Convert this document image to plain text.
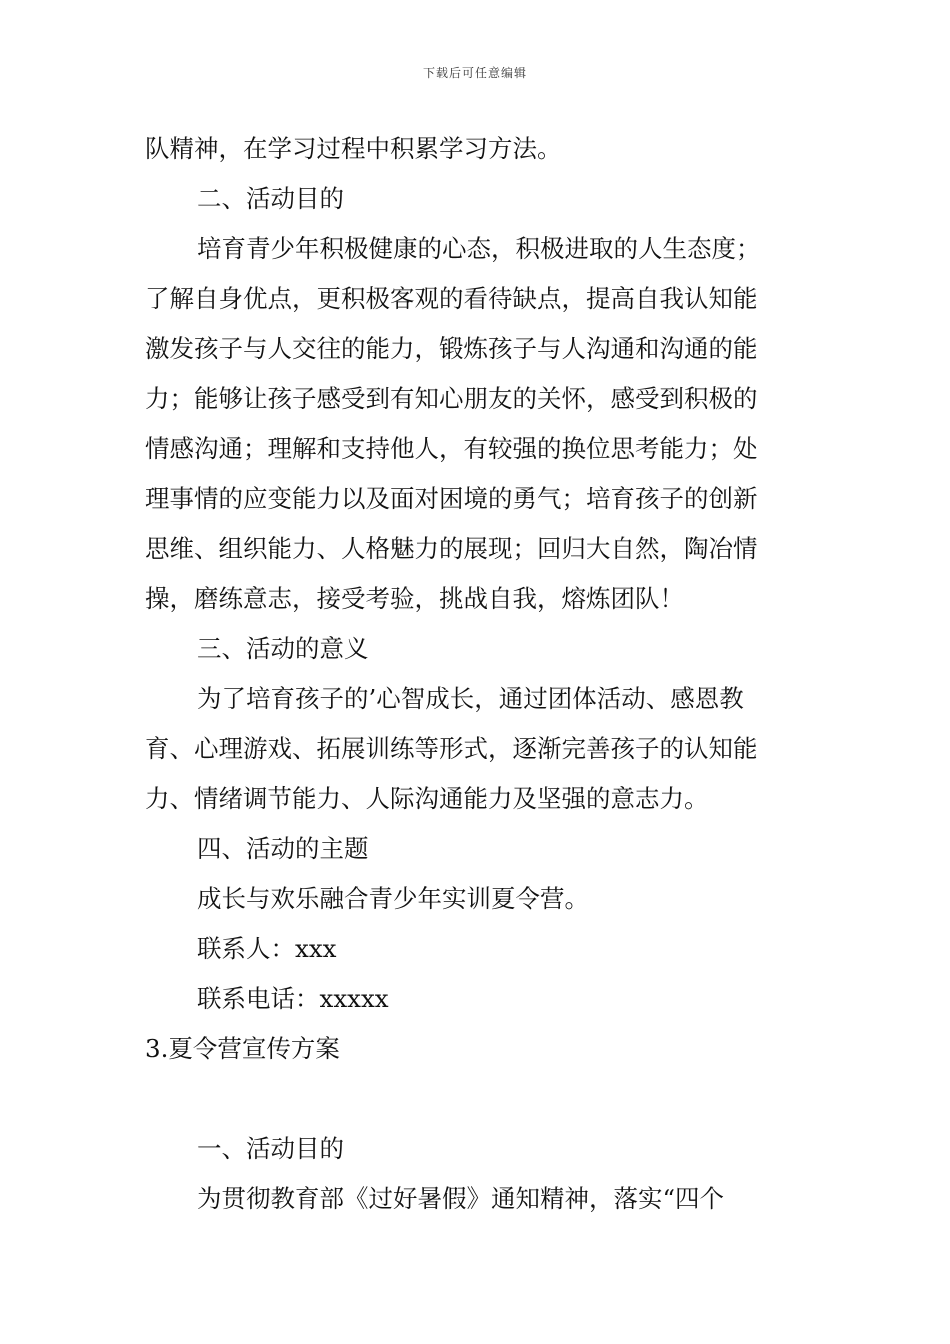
下载后可任意编辑
队精神，在学习过程中积累学习方法。
二、活动目的
培育青少年积极健康的心态，积极进取的人生态度；
了解自身优点，更积极客观的看待缺点，提高自我认知能
激发孩子与人交往的能力，锻炼孩子与人沟通和沟通的能
力；能够让孩子感受到有知心朋友的关怀，感受到积极的
情感沟通；理解和支持他人，有较强的换位思考能力；处
理事情的应变能力以及面对困境的勇气；培育孩子的创新
思维、组织能力、人格魅力的展现；回归大自然，陶冶情
操，磨练意志，接受考验，挑战自我，熔炼团队！
三、活动的意义
为了培育孩子的’心智成长，通过团体活动、感恩教
育、心理游戏、拓展训练等形式，逐渐完善孩子的认知能
力、情绪调节能力、人际沟通能力及坚强的意志力。
四、活动的主题
成长与欢乐融合青少年实训夏令营。
联系人：xxx
联系电话：xxxxx
3.夏令营宣传方案
一、活动目的
为贯彻教育部《过好暑假》通知精神，落实“四个
